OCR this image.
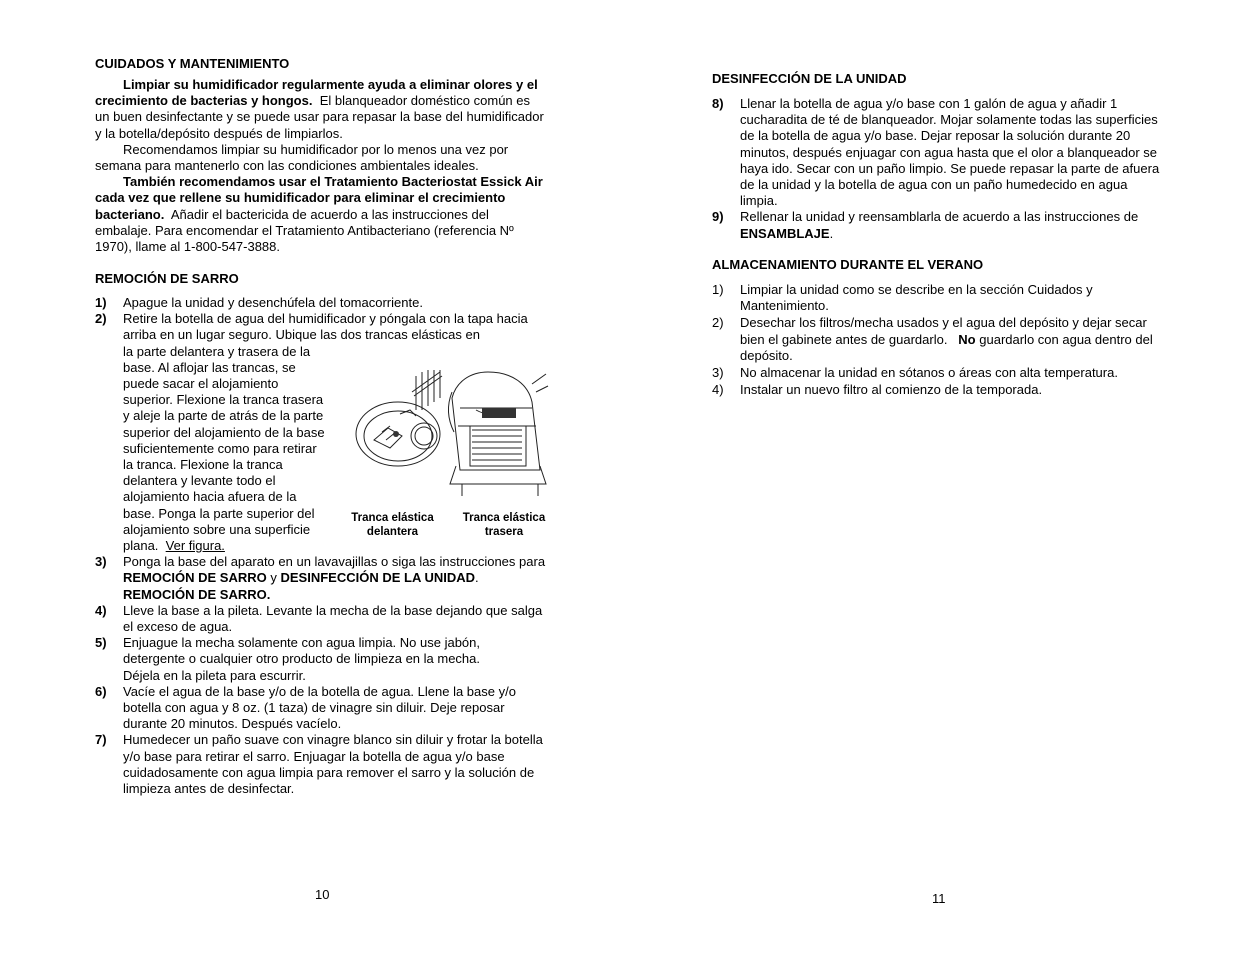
CUIDADOS Y MANTENIMIENTO

Limpiar su humidificador regularmente ayuda a eliminar olores y el crecimiento de bacterias y hongos. El blanqueador doméstico común es un buen desinfectante y se puede usar para repasar la base del humidificador y la botella/depósito después de limpiarlos.

Recomendamos limpiar su humidificador por lo menos una vez por semana para mantenerlo con las condiciones ambientales ideales.

También recomendamos usar el Tratamiento Bacteriostat Essick Air cada vez que rellene su humidificador para eliminar el crecimiento bacteriano. Añadir el bactericida de acuerdo a las instrucciones del embalaje. Para encomendar el Tratamiento Antibacteriano (referencia Nº 1970), llame al 1-800-547-3888.

REMOCIÓN DE SARRO
1) Apague la unidad y desenchúfela del tomacorriente.
2) Retire la botella de agua del humidificador y póngala con la tapa hacia arriba en un lugar seguro. Ubique las dos trancas elásticas en
la parte delantera y trasera de la base. Al aflojar las trancas, se puede sacar el alojamiento superior. Flexione la tranca trasera y aleje la parte de atrás de la parte superior del alojamiento de la base suficientemente como para retirar la tranca. Flexione la tranca delantera y levante todo el alojamiento hacia afuera de la base. Ponga la parte superior del alojamiento sobre una superficie plana. Ver figura.
3) Ponga la base del aparato en un lavavajillas o siga las instrucciones para REMOCIÓN DE SARRO y DESINFECCIÓN DE LA UNIDAD.
REMOCIÓN DE SARRO.
4) Lleve la base a la pileta. Levante la mecha de la base dejando que salga el exceso de agua.
5) Enjuague la mecha solamente con agua limpia. No use jabón, detergente o cualquier otro producto de limpieza en la mecha. Déjela en la pileta para escurrir.
6) Vacíe el agua de la base y/o de la botella de agua. Llene la base y/o botella con agua y 8 oz. (1 taza) de vinagre sin diluir. Deje reposar durante 20 minutos. Después vacíelo.
7) Humedecer un paño suave con vinagre blanco sin diluir y frotar la botella y/o base para retirar el sarro. Enjuagar la botella de agua y/o base cuidadosamente con agua limpia para remover el sarro y la solución de limpieza antes de desinfectar.
Tranca elástica delantera
Tranca elástica trasera
10
DESINFECCIÓN DE LA UNIDAD
8) Llenar la botella de agua y/o base con 1 galón de agua y añadir 1 cucharadita de té de blanqueador. Mojar solamente todas las superficies de la botella de agua y/o base. Dejar reposar la solución durante 20 minutos, después enjuagar con agua hasta que el olor a blanqueador se haya ido. Secar con un paño limpio. Se puede repasar la parte de afuera de la unidad y la botella de agua con un paño humedecido en agua limpia.
9) Rellenar la unidad y reensamblarla de acuerdo a las instrucciones de ENSAMBLAJE.
ALMACENAMIENTO DURANTE EL VERANO
1) Limpiar la unidad como se describe en la sección Cuidados y Mantenimiento.
2) Desechar los filtros/mecha usados y el agua del depósito y dejar secar bien el gabinete antes de guardarlo. No guardarlo con agua dentro del depósito.
3) No almacenar la unidad en sótanos o áreas con alta temperatura.
4) Instalar un nuevo filtro al comienzo de la temporada.
11
